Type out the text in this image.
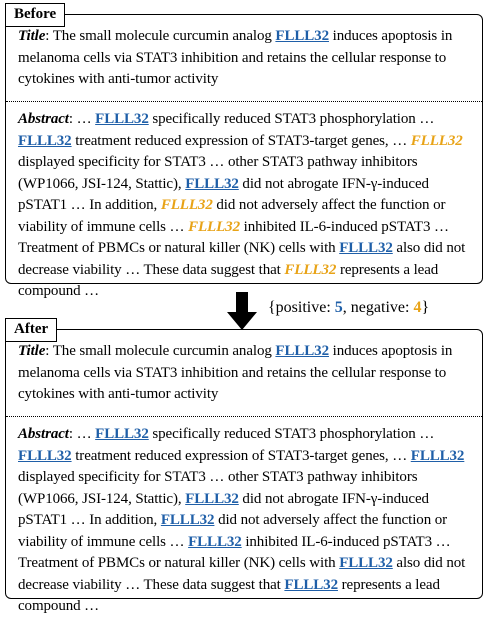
Before
Title: The small molecule curcumin analog FLLL32 induces apoptosis in melanoma cells via STAT3 inhibition and retains the cellular response to cytokines with anti-tumor activity
Abstract: … FLLL32 specifically reduced STAT3 phosphorylation … FLLL32 treatment reduced expression of STAT3-target genes, … FLLL32 displayed specificity for STAT3 … other STAT3 pathway inhibitors (WP1066, JSI-124, Stattic), FLLL32 did not abrogate IFN-γ-induced pSTAT1 … In addition, FLLL32 did not adversely affect the function or viability of immune cells … FLLL32 inhibited IL-6-induced pSTAT3 … Treatment of PBMCs or natural killer (NK) cells with FLLL32 also did not decrease viability … These data suggest that FLLL32 represents a lead compound …
{positive: 5, negative: 4}
After
Title: The small molecule curcumin analog FLLL32 induces apoptosis in melanoma cells via STAT3 inhibition and retains the cellular response to cytokines with anti-tumor activity
Abstract: … FLLL32 specifically reduced STAT3 phosphorylation … FLLL32 treatment reduced expression of STAT3-target genes, … FLLL32 displayed specificity for STAT3 … other STAT3 pathway inhibitors (WP1066, JSI-124, Stattic), FLLL32 did not abrogate IFN-γ-induced pSTAT1 … In addition, FLLL32 did not adversely affect the function or viability of immune cells … FLLL32 inhibited IL-6-induced pSTAT3 … Treatment of PBMCs or natural killer (NK) cells with FLLL32 also did not decrease viability … These data suggest that FLLL32 represents a lead compound …
